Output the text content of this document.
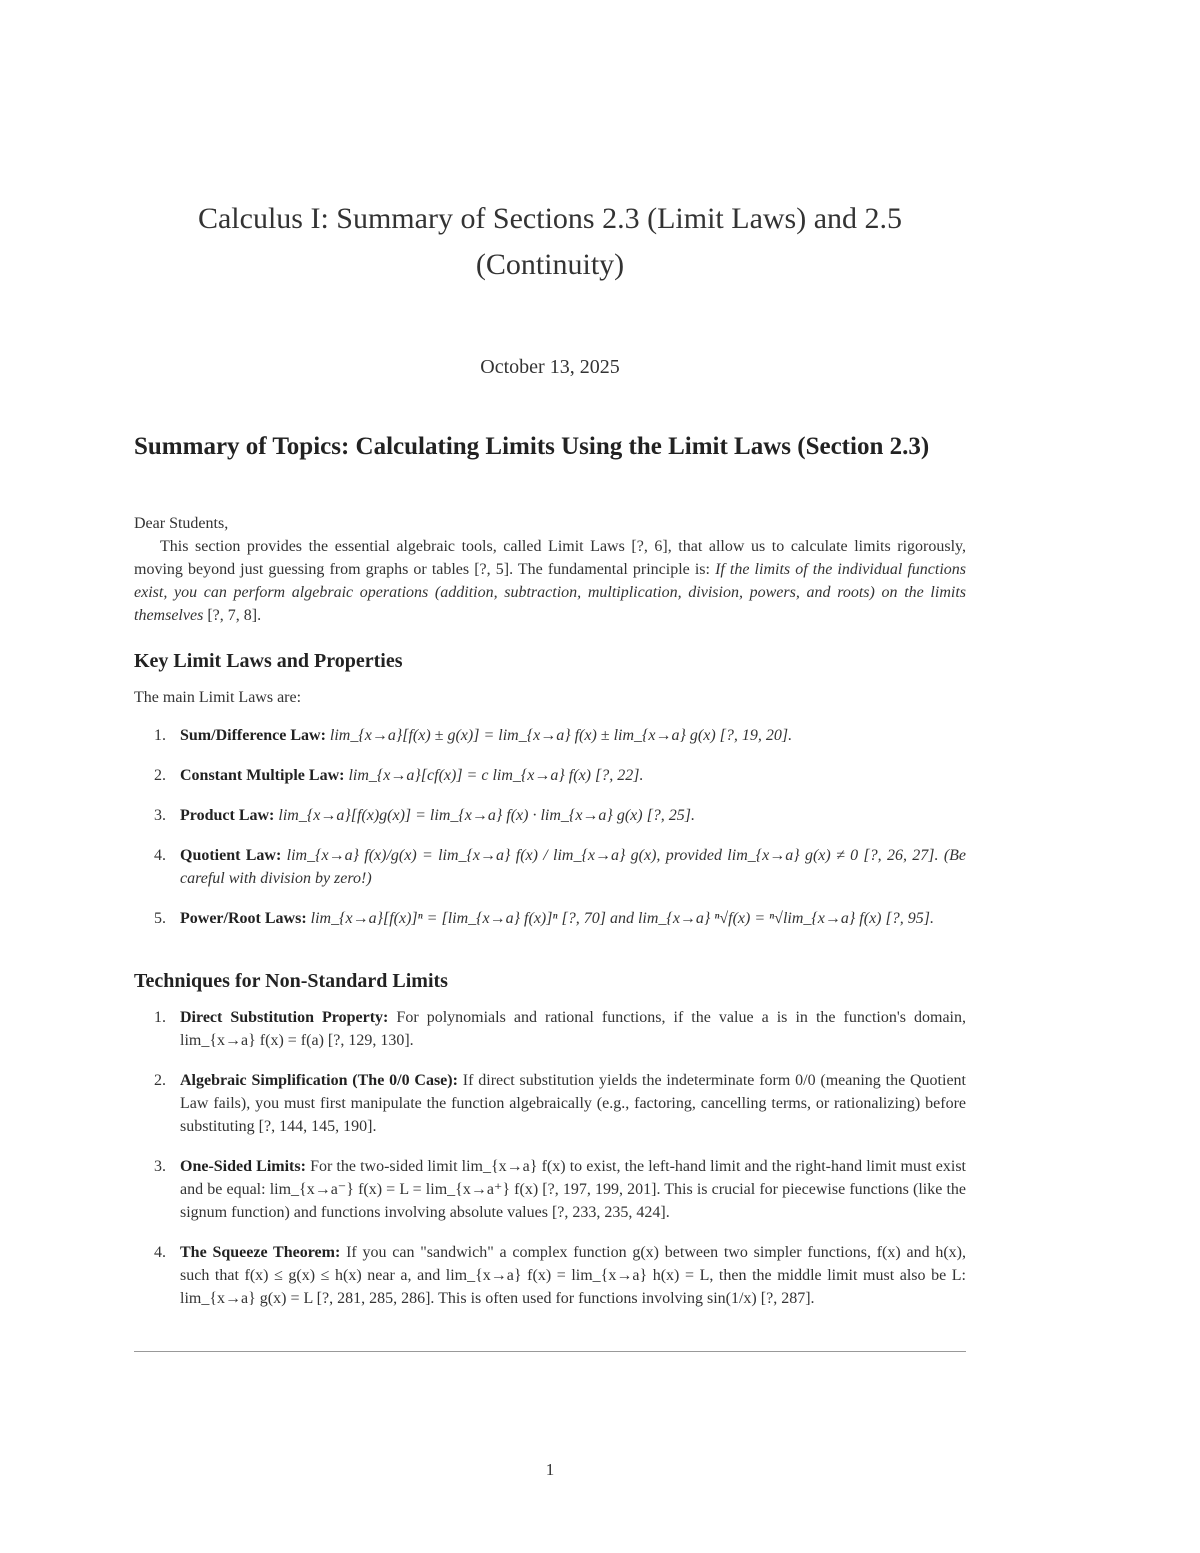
Calculus I: Summary of Sections 2.3 (Limit Laws) and 2.5 (Continuity)
October 13, 2025
Summary of Topics: Calculating Limits Using the Limit Laws (Section 2.3)
Dear Students,
This section provides the essential algebraic tools, called Limit Laws [?, 6], that allow us to calculate limits rigorously, moving beyond just guessing from graphs or tables [?, 5]. The fundamental principle is: If the limits of the individual functions exist, you can perform algebraic operations (addition, subtraction, multiplication, division, powers, and roots) on the limits themselves [?, 7, 8].
Key Limit Laws and Properties
The main Limit Laws are:
1. Sum/Difference Law: lim_{x→a}[f(x) ± g(x)] = lim_{x→a} f(x) ± lim_{x→a} g(x) [?, 19, 20].
2. Constant Multiple Law: lim_{x→a}[cf(x)] = c lim_{x→a} f(x) [?, 22].
3. Product Law: lim_{x→a}[f(x)g(x)] = lim_{x→a} f(x) · lim_{x→a} g(x) [?, 25].
4. Quotient Law: lim_{x→a} f(x)/g(x) = lim_{x→a} f(x) / lim_{x→a} g(x), provided lim_{x→a} g(x) ≠ 0 [?, 26, 27]. (Be careful with division by zero!)
5. Power/Root Laws: lim_{x→a}[f(x)]ⁿ = [lim_{x→a} f(x)]ⁿ [?, 70] and lim_{x→a} ⁿ√f(x) = ⁿ√lim_{x→a} f(x) [?, 95].
Techniques for Non-Standard Limits
1. Direct Substitution Property: For polynomials and rational functions, if the value a is in the function's domain, lim_{x→a} f(x) = f(a) [?, 129, 130].
2. Algebraic Simplification (The 0/0 Case): If direct substitution yields the indeterminate form 0/0 (meaning the Quotient Law fails), you must first manipulate the function algebraically (e.g., factoring, cancelling terms, or rationalizing) before substituting [?, 144, 145, 190].
3. One-Sided Limits: For the two-sided limit lim_{x→a} f(x) to exist, the left-hand limit and the right-hand limit must exist and be equal: lim_{x→a⁻} f(x) = L = lim_{x→a⁺} f(x) [?, 197, 199, 201]. This is crucial for piecewise functions (like the signum function) and functions involving absolute values [?, 233, 235, 424].
4. The Squeeze Theorem: If you can "sandwich" a complex function g(x) between two simpler functions, f(x) and h(x), such that f(x) ≤ g(x) ≤ h(x) near a, and lim_{x→a} f(x) = lim_{x→a} h(x) = L, then the middle limit must also be L: lim_{x→a} g(x) = L [?, 281, 285, 286]. This is often used for functions involving sin(1/x) [?, 287].
1
